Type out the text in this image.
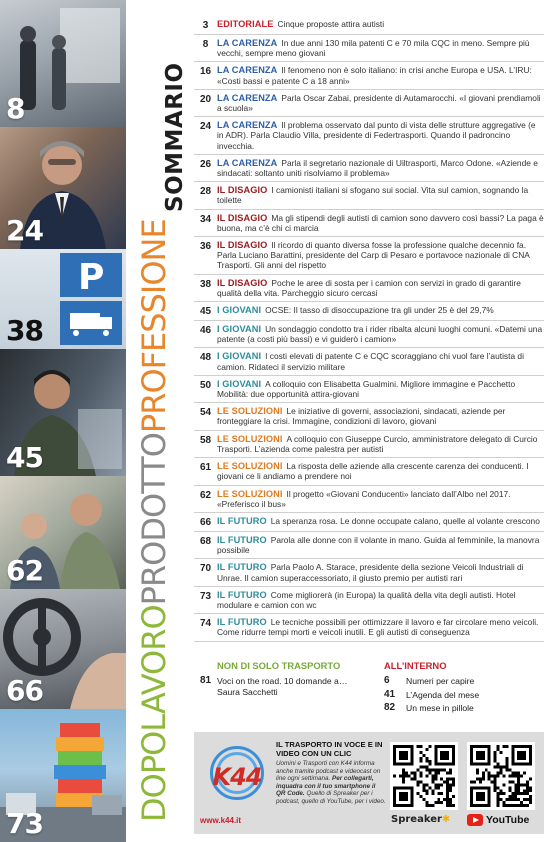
8
24
P
38
45
62
66
73
DOPOLAVOROPRODOTTOPROFESSIONE
SOMMARIO
3 EDITORIALE Cinque proposte attira autisti
8 LA CARENZA In due anni 130 mila patenti C e 70 mila CQC in meno. Sempre più vecchi, sempre meno giovani
16 LA CARENZA Il fenomeno non è solo italiano: in crisi anche Europa e USA. L’IRU: «Costi bassi e patente C a 18 anni»
20 LA CARENZA Parla Oscar Zabai, presidente di Autamarocchi. «I giovani prendiamoli a scuola»
24 LA CARENZA Il problema osservato dal punto di vista delle strutture aggregative (e in ADR). Parla Claudio Villa, presidente di Federtrasporti. Quando il padroncino invecchia.
26 LA CARENZA Parla il segretario nazionale di Uiltrasporti, Marco Odone. «Aziende e sindacati: soltanto uniti risolviamo il problema»
28 IL DISAGIO I camionisti italiani si sfogano sui social. Vita sul camion, sognando la toilette
34 IL DISAGIO Ma gli stipendi degli autisti di camion sono davvero così bassi? La paga è buona, ma c’è chi ci marcia
36 IL DISAGIO Il ricordo di quanto diversa fosse la professione qualche decennio fa. Parla Luciano Barattini, presidente del Carp di Pesaro e portavoce nazionale di CNA Trasporti. Gli anni del rispetto
38 IL DISAGIO Poche le aree di sosta per i camion con servizi in grado di garantire qualità della vita. Parcheggio sicuro cercasi
45 I GIOVANI OCSE: Il tasso di disoccupazione tra gli under 25 è del 29,7%
46 I GIOVANI Un sondaggio condotto tra i rider ribalta alcuni luoghi comuni. «Datemi una patente (a costi più bassi) e vi guiderò i camion»
48 I GIOVANI I costi elevati di patente C e CQC scoraggiano chi vuol fare l’autista di camion. Ridateci il servizio militare
50 I GIOVANI A colloquio con Elisabetta Gualmini. Migliore immagine e Pacchetto Mobilità: due opportunità attira-giovani
54 LE SOLUZIONI Le iniziative di governi, associazioni, sindacati, aziende per fronteggiare la crisi. Immagine, condizioni di lavoro, giovani
58 LE SOLUZIONI A colloquio con Giuseppe Curcio, amministratore delegato di Curcio Trasporti. L’azienda come palestra per autisti
61 LE SOLUZIONI La risposta delle aziende alla crescente carenza dei conducenti. I giovani ce li andiamo a prendere noi
62 LE SOLUZIONI Il progetto «Giovani Conducenti» lanciato dall’Albo nel 2017. «Preferisco il bus»
66 IL FUTURO La speranza rosa. Le donne occupate calano, quelle al volante crescono
68 IL FUTURO Parola alle donne con il volante in mano. Guida al femminile, la manovra possibile
70 IL FUTURO Parla Paolo A. Starace, presidente della sezione Veicoli Industriali di Unrae. Il camion superaccessoriato, il giusto premio per autisti rari
73 IL FUTURO Come migliorerà (in Europa) la qualità della vita degli autisti. Hotel modulare e camion con wc
74 IL FUTURO Le tecniche possibili per ottimizzare il lavoro e far circolare meno veicoli. Come ridurre tempi morti e veicoli inutili. E gli autisti di conseguenza
NON DI SOLO TRASPORTO
81 Voci on the road. 10 domande a… Saura Sacchetti
ALL’INTERNO
6	Numeri per capire
41	L’Agenda del mese
82	Un mese in pillole
K44
www.k44.it
IL TRASPORTO IN VOCE E IN VIDEO CON UN CLIC
Uomini e Trasporti con K44 informa anche tramite podcast e videocast on line ogni settimana. Per collegarti, inquadra con il tuo smartphone il QR Code. Quello di Spreaker per i podcast, quello di YouTube, per i video.
Spreaker✱	YouTube
